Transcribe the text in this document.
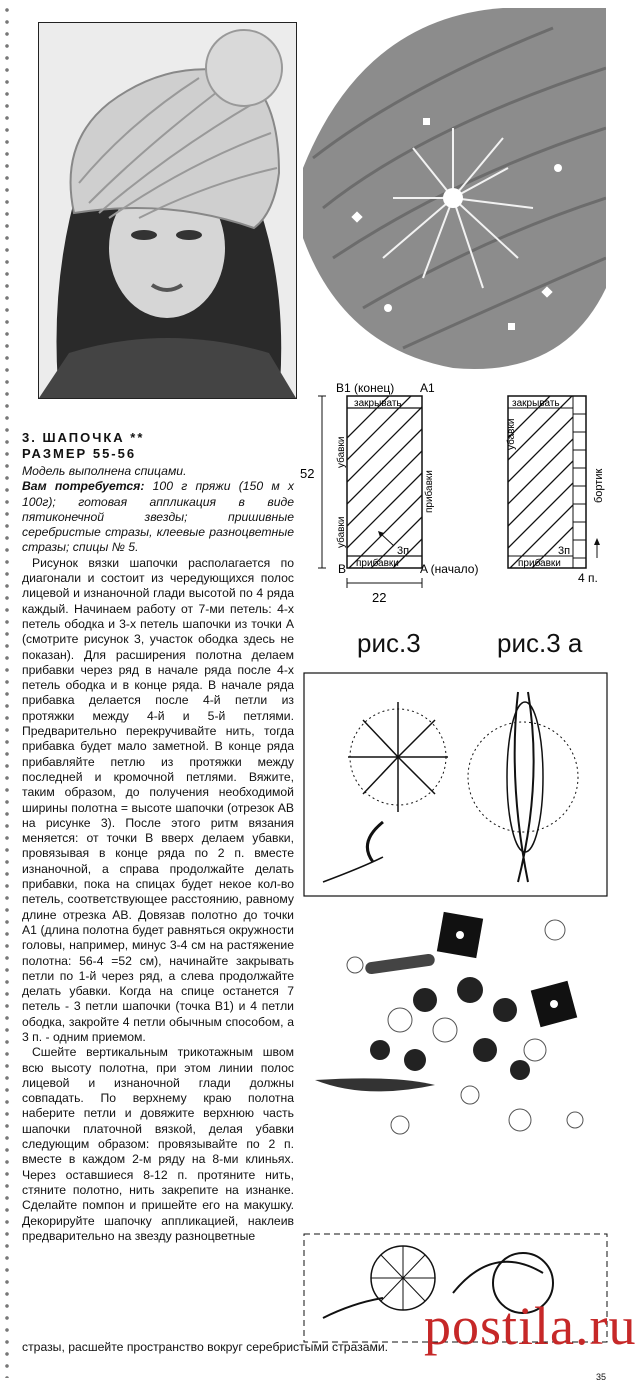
3. ШАПОЧКА **
РАЗМЕР 55-56

Модель выполнена спицами.

Вам потребуется: 100 г пряжи (150 м х 100г); готовая аппликация в виде пятиконечной звезды; пришивные серебристые стразы, клеевые разноцветные стразы; спицы № 5.

Рисунок вязки шапочки располагается по диагонали и состоит из чередующихся полос лицевой и изнаночной глади высотой по 4 ряда каждый. Начинаем работу от 7-ми петель: 4-х петель ободка и 3-х петель шапочки из точки А (смотрите рисунок 3, участок ободка здесь не показан). Для расширения полотна делаем прибавки через ряд в начале ряда после 4-х петель ободка и в конце ряда. В начале ряда прибавка делается после 4-й петли из протяжки между 4-й и 5-й петлями. Предварительно перекручивайте нить, тогда прибавка будет мало заметной. В конце ряда прибавляйте петлю из протяжки между последней и кромочной петлями. Вяжите, таким образом, до получения необходимой ширины полотна = высоте шапочки (отрезок АВ на рисунке 3). После этого ритм вязания меняется: от точки В вверх делаем убавки, провязывая в конце ряда по 2 п. вместе изнаночной, а справа продолжайте делать прибавки, пока на спицах будет некое кол-во петель, соответствующее расстоянию, равному длине отрезка АВ. Довязав полотно до точки А1 (длина полотна будет равняться окружности головы, например, минус 3-4 см на растяжение полотна: 56-4 =52 см), начинайте закрывать петли по 1-й через ряд, а слева продолжайте делать убавки. Когда на спице останется 7 петель - 3 петли шапочки (точка В1) и 4 петли ободка, закройте 4 петли обычным способом, а 3 п. - одним приемом.

Сшейте вертикальным трикотажным швом всю высоту полотна, при этом линии полос лицевой и изнаночной глади должны совпадать. По верхнему краю полотна наберите петли и довяжите верхнюю часть шапочки платочной вязкой, делая убавки следующим образом: провязывайте по 2 п. вместе в каждом 2-м ряду на 8-ми клиньях. Через оставшиеся 8-12 п. протяните нить, стяните полотно, нить закрепите на изнанке. Сделайте помпон и пришейте его на макушку. Декорируйте шапочку аппликацией, наклеив предварительно на звезду разноцветные

стразы, расшейте пространство вокруг серебристыми стразами.
B1 (конец) A1
закрывать
52
убавки
убавки
прибавки
3п
B	A (начало)
прибавки
22
закрывать
убавки
бортик
3п
прибавки
4 п.
рис.3	рис.3 а
postila.ru
35
